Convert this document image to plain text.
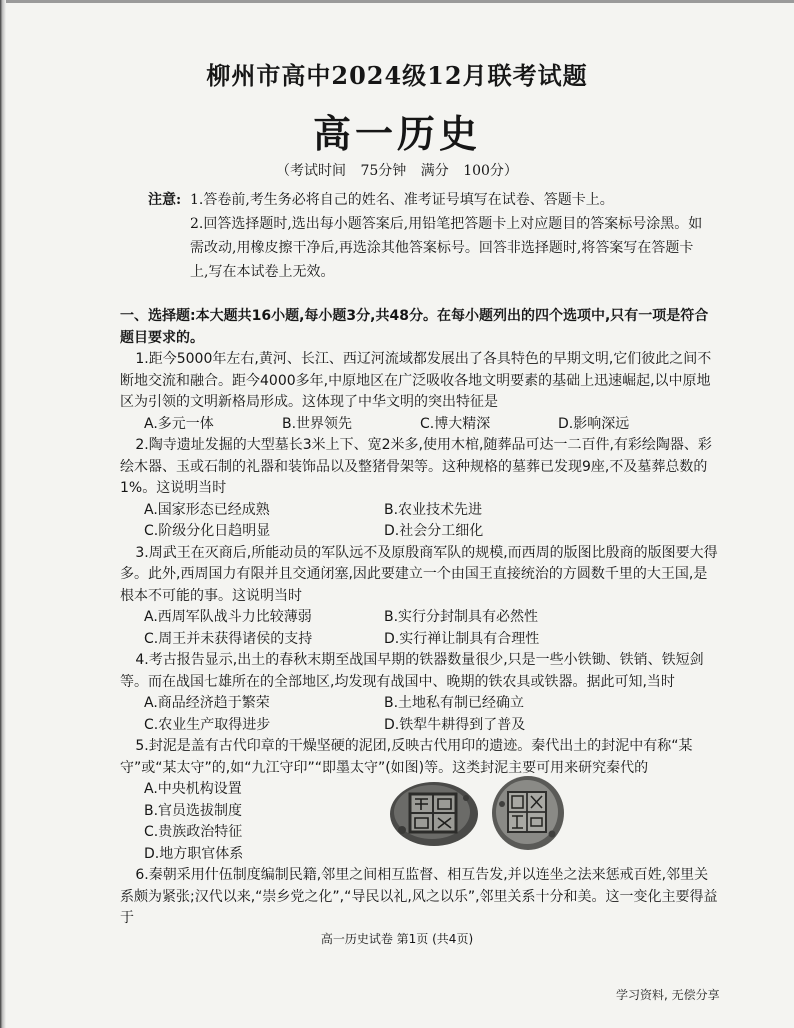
柳州市高中2024级12月联考试题
高一历史
（考试时间 75分钟 满分 100分）
注意: 1.答卷前,考生务必将自己的姓名、准考证号填写在试卷、答题卡上。
2.回答选择题时,选出每小题答案后,用铅笔把答题卡上对应题目的答案标号涂黑。如需改动,用橡皮擦干净后,再选涂其他答案标号。回答非选择题时,将答案写在答题卡上,写在本试卷上无效。

一、选择题:本大题共16小题,每小题3分,共48分。在每小题列出的四个选项中,只有一项是符合题目要求的。

1.距今5000年左右,黄河、长江、西辽河流域都发展出了各具特色的早期文明,它们彼此之间不断地交流和融合。距今4000多年,中原地区在广泛吸收各地文明要素的基础上迅速崛起,以中原地区为引领的文明新格局形成。这体现了中华文明的突出特征是

A.多元一体	B.世界领先	C.博大精深	D.影响深远

2.陶寺遗址发掘的大型墓长3米上下、宽2米多,使用木棺,随葬品可达一二百件,有彩绘陶器、彩绘木器、玉或石制的礼器和装饰品以及整猪骨架等。这种规格的墓葬已发现9座,不及墓葬总数的1%。这说明当时

A.国家形态已经成熟	B.农业技术先进
C.阶级分化日趋明显	D.社会分工细化

3.周武王在灭商后,所能动员的军队远不及原殷商军队的规模,而西周的版图比殷商的版图要大得多。此外,西周国力有限并且交通闭塞,因此要建立一个由国王直接统治的方圆数千里的大王国,是根本不可能的事。这说明当时

A.西周军队战斗力比较薄弱	B.实行分封制具有必然性
C.周王并未获得诸侯的支持	D.实行禅让制具有合理性

4.考古报告显示,出土的春秋末期至战国早期的铁器数量很少,只是一些小铁锄、铁销、铁短剑等。而在战国七雄所在的全部地区,均发现有战国中、晚期的铁农具或铁器。据此可知,当时

A.商品经济趋于繁荣	B.土地私有制已经确立
C.农业生产取得进步	D.铁犁牛耕得到了普及

5.封泥是盖有古代印章的干燥坚硬的泥团,反映古代用印的遗迹。秦代出土的封泥中有称“某守”或“某太守”的,如“九江守印”“即墨太守”(如图)等。这类封泥主要可用来研究秦代的

A.中央机构设置
B.官员选拔制度
C.贵族政治特征
D.地方职官体系

6.秦朝采用什伍制度编制民籍,邻里之间相互监督、相互告发,并以连坐之法来惩戒百姓,邻里关系颇为紧张;汉代以来,“崇乡党之化”,“导民以礼,风之以乐”,邻里关系十分和美。这一变化主要得益于

高一历史试卷 第1页 (共4页)
学习资料, 无偿分享
